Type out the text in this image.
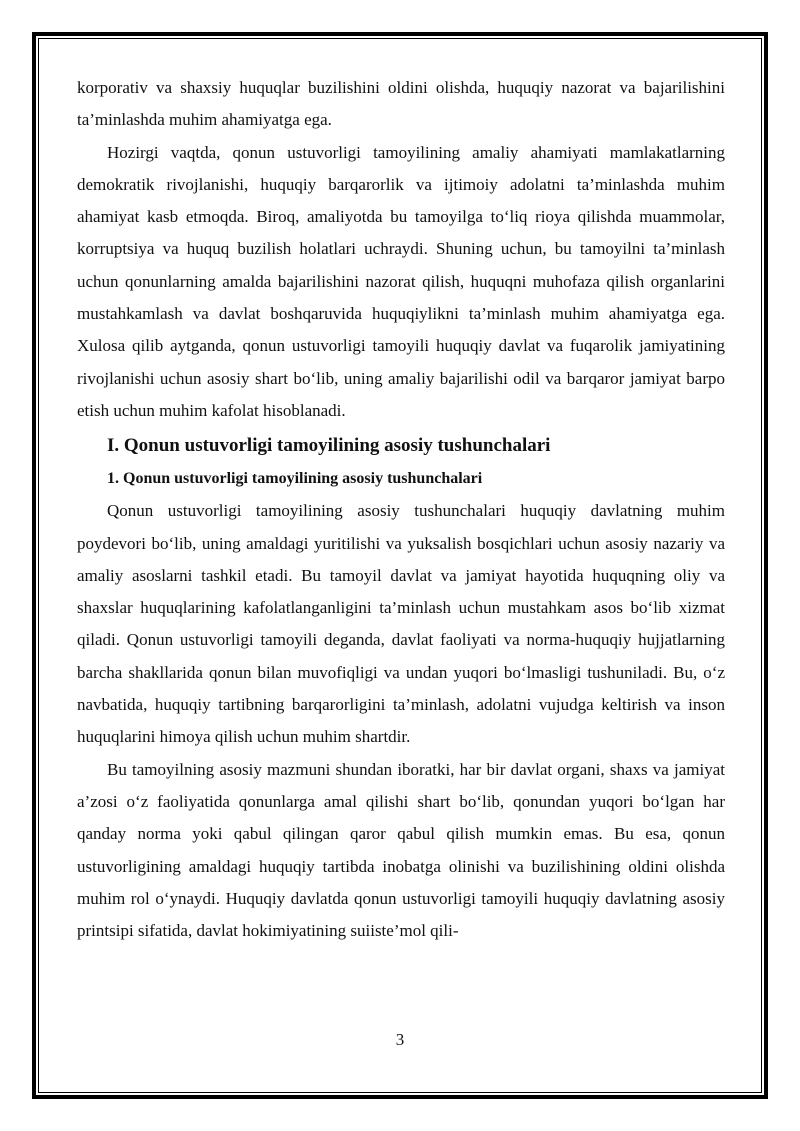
korporativ va shaxsiy huquqlar buzilishini oldini olishda, huquqiy nazorat va bajarilishini ta’minlashda muhim ahamiyatga ega.

Hozirgi vaqtda, qonun ustuvorligi tamoyilining amaliy ahamiyati mamlakatlarning demokratik rivojlanishi, huquqiy barqarorlik va ijtimoiy adolatni ta’minlashda muhim ahamiyat kasb etmoqda. Biroq, amaliyotda bu tamoyilga to‘liq rioya qilishda muammolar, korruptsiya va huquq buzilish holatlari uchraydi. Shuning uchun, bu tamoyilni ta’minlash uchun qonunlarning amalda bajarilishini nazorat qilish, huquqni muhofaza qilish organlarini mustahkamlash va davlat boshqaruvida huquqiylikni ta’minlash muhim ahamiyatga ega. Xulosa qilib aytganda, qonun ustuvorligi tamoyili huquqiy davlat va fuqarolik jamiyatining rivojlanishi uchun asosiy shart bo‘lib, uning amaliy bajarilishi odil va barqaror jamiyat barpo etish uchun muhim kafolat hisoblanadi.

I. Qonun ustuvorligi tamoyilining asosiy tushunchalari
1. Qonun ustuvorligi tamoyilining asosiy tushunchalari

Qonun ustuvorligi tamoyilining asosiy tushunchalari huquqiy davlatning muhim poydevori bo‘lib, uning amaldagi yuritilishi va yuksalish bosqichlari uchun asosiy nazariy va amaliy asoslarni tashkil etadi. Bu tamoyil davlat va jamiyat hayotida huquqning oliy va shaxslar huquqlarining kafolatlanganligini ta’minlash uchun mustahkam asos bo‘lib xizmat qiladi. Qonun ustuvorligi tamoyili deganda, davlat faoliyati va norma-huquqiy hujjatlarning barcha shakllarida qonun bilan muvofiqligi va undan yuqori bo‘lmasligi tushuniladi. Bu, o‘z navbatida, huquqiy tartibning barqarorligini ta’minlash, adolatni vujudga keltirish va inson huquqlarini himoya qilish uchun muhim shartdir.

Bu tamoyilning asosiy mazmuni shundan iboratki, har bir davlat organi, shaxs va jamiyat a’zosi o‘z faoliyatida qonunlarga amal qilishi shart bo‘lib, qonundan yuqori bo‘lgan har qanday norma yoki qabul qilingan qaror qabul qilish mumkin emas. Bu esa, qonun ustuvorligining amaldagi huquqiy tartibda inobatga olinishi va buzilishining oldini olishda muhim rol o‘ynaydi. Huquqiy davlatda qonun ustuvorligi tamoyili huquqiy davlatning asosiy printsipi sifatida, davlat hokimiyatining suiiste’mol qili-

3
